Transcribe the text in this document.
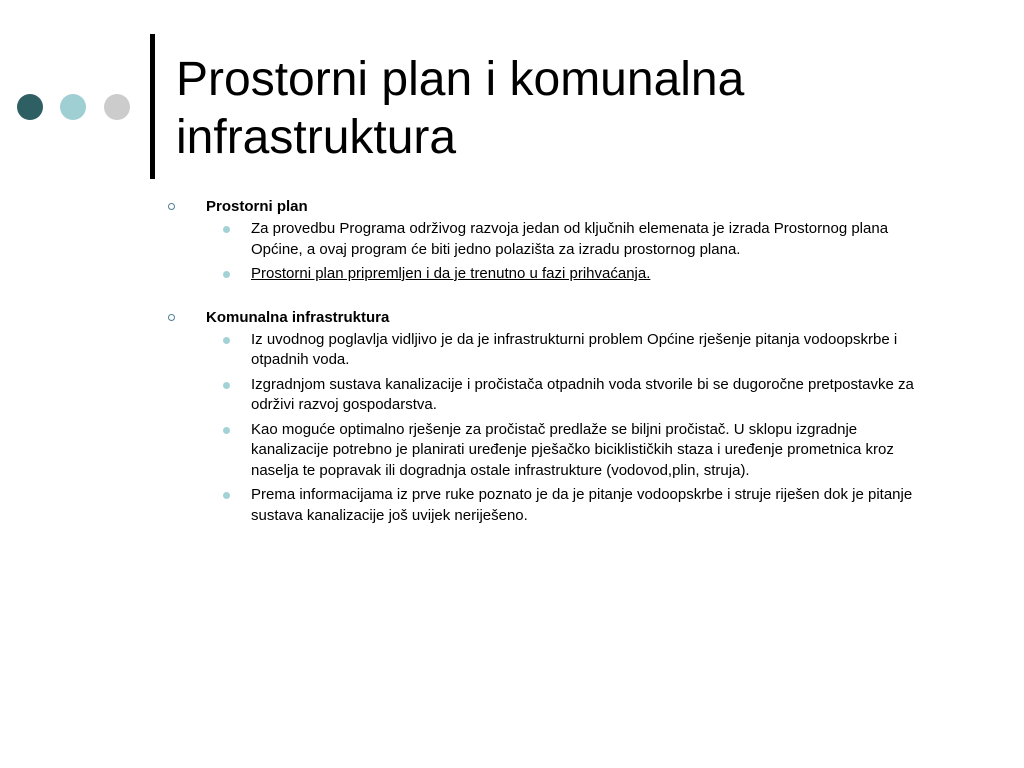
Prostorni plan i komunalna
infrastruktura
Prostorni plan
Za provedbu Programa održivog razvoja jedan od ključnih elemenata je izrada Prostornog plana Općine, a ovaj program će biti jedno polazišta za izradu prostornog plana.
Prostorni plan pripremljen i da je trenutno u fazi prihvaćanja.
Komunalna infrastruktura
Iz uvodnog poglavlja vidljivo je da je infrastrukturni problem Općine rješenje pitanja vodoopskrbe i otpadnih voda.
Izgradnjom sustava kanalizacije i pročistača otpadnih voda stvorile bi se dugoročne pretpostavke za održivi razvoj gospodarstva.
Kao moguće optimalno rješenje za pročistač predlaže se biljni pročistač. U sklopu izgradnje kanalizacije potrebno je planirati uređenje pješačko biciklističkih staza i uređenje prometnica kroz naselja te popravak ili dogradnja ostale infrastrukture (vodovod,plin, struja).
Prema informacijama iz prve ruke poznato je da je pitanje vodoopskrbe i struje riješen dok je pitanje sustava kanalizacije još uvijek neriješeno.
